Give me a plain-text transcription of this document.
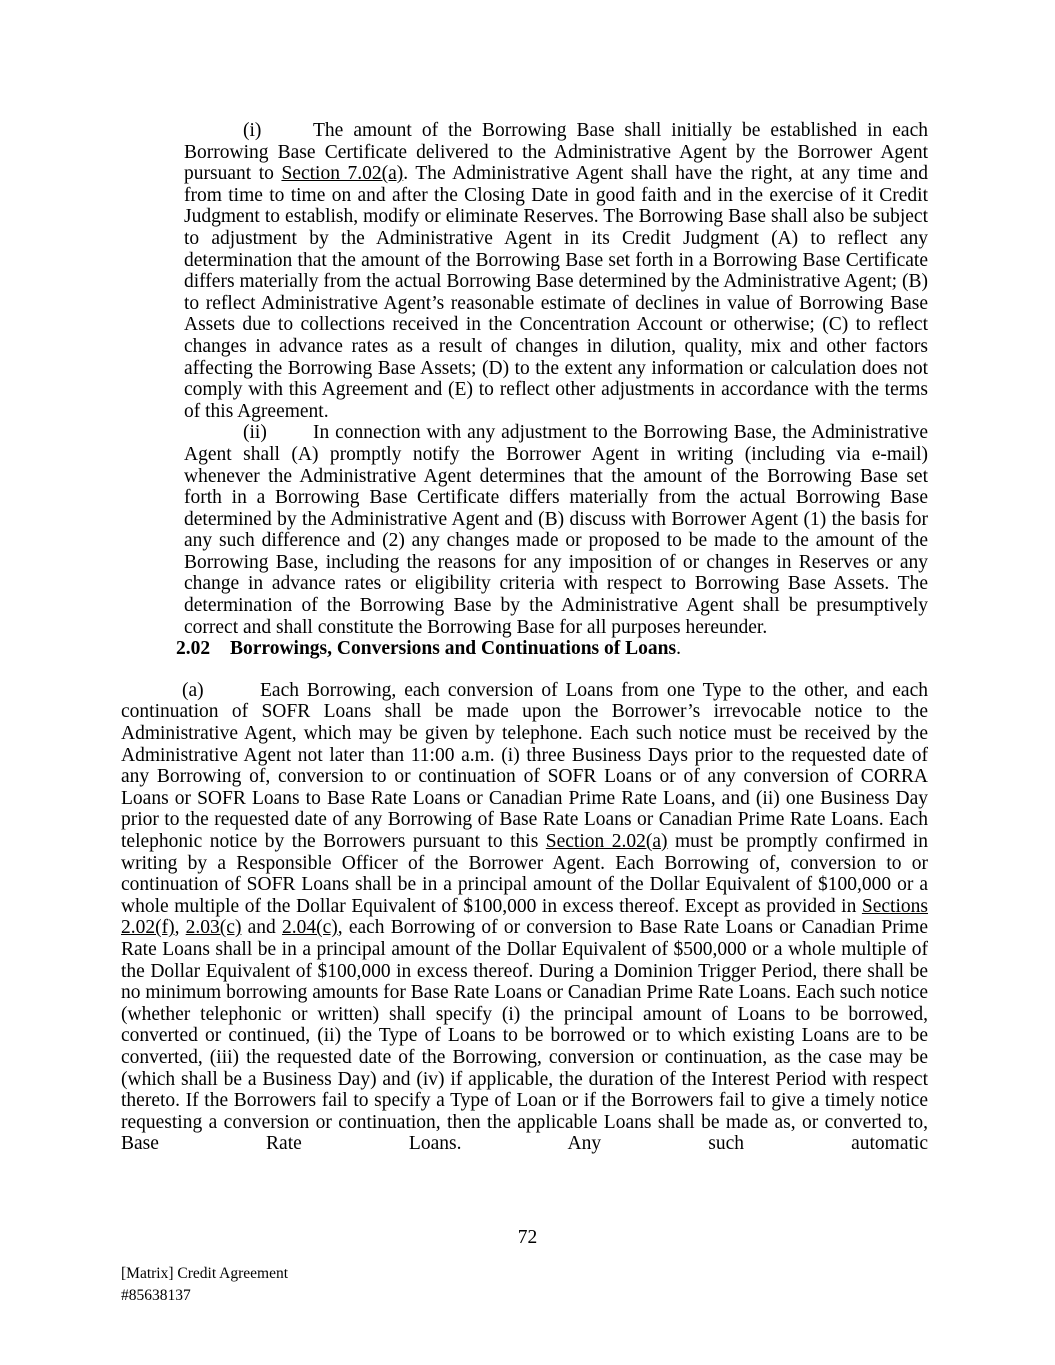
(i)	The amount of the Borrowing Base shall initially be established in each Borrowing Base Certificate delivered to the Administrative Agent by the Borrower Agent pursuant to Section 7.02(a). The Administrative Agent shall have the right, at any time and from time to time on and after the Closing Date in good faith and in the exercise of it Credit Judgment to establish, modify or eliminate Reserves. The Borrowing Base shall also be subject to adjustment by the Administrative Agent in its Credit Judgment (A) to reflect any determination that the amount of the Borrowing Base set forth in a Borrowing Base Certificate differs materially from the actual Borrowing Base determined by the Administrative Agent; (B) to reflect Administrative Agent’s reasonable estimate of declines in value of Borrowing Base Assets due to collections received in the Concentration Account or otherwise; (C) to reflect changes in advance rates as a result of changes in dilution, quality, mix and other factors affecting the Borrowing Base Assets; (D) to the extent any information or calculation does not comply with this Agreement and (E) to reflect other adjustments in accordance with the terms of this Agreement.

(ii) In connection with any adjustment to the Borrowing Base, the Administrative Agent shall (A) promptly notify the Borrower Agent in writing (including via e-mail) whenever the Administrative Agent determines that the amount of the Borrowing Base set forth in a Borrowing Base Certificate differs materially from the actual Borrowing Base determined by the Administrative Agent and (B) discuss with Borrower Agent (1) the basis for any such difference and (2) any changes made or proposed to be made to the amount of the Borrowing Base, including the reasons for any imposition of or changes in Reserves or any change in advance rates or eligibility criteria with respect to Borrowing Base Assets. The determination of the Borrowing Base by the Administrative Agent shall be presumptively correct and shall constitute the Borrowing Base for all purposes hereunder.

2.02 Borrowings, Conversions and Continuations of Loans.

(a)	Each Borrowing, each conversion of Loans from one Type to the other, and each continuation of SOFR Loans shall be made upon the Borrower’s irrevocable notice to the Administrative Agent, which may be given by telephone. Each such notice must be received by the Administrative Agent not later than 11:00 a.m. (i) three Business Days prior to the requested date of any Borrowing of, conversion to or continuation of SOFR Loans or of any conversion of CORRA Loans or SOFR Loans to Base Rate Loans or Canadian Prime Rate Loans, and (ii) one Business Day prior to the requested date of any Borrowing of Base Rate Loans or Canadian Prime Rate Loans. Each telephonic notice by the Borrowers pursuant to this Section 2.02(a) must be promptly confirmed in writing by a Responsible Officer of the Borrower Agent. Each Borrowing of, conversion to or continuation of SOFR Loans shall be in a principal amount of the Dollar Equivalent of $100,000 or a whole multiple of the Dollar Equivalent of $100,000 in excess thereof. Except as provided in Sections 2.02(f), 2.03(c) and 2.04(c), each Borrowing of or conversion to Base Rate Loans or Canadian Prime Rate Loans shall be in a principal amount of the Dollar Equivalent of $500,000 or a whole multiple of the Dollar Equivalent of $100,000 in excess thereof. During a Dominion Trigger Period, there shall be no minimum borrowing amounts for Base Rate Loans or Canadian Prime Rate Loans. Each such notice (whether telephonic or written) shall specify (i) the principal amount of Loans to be borrowed, converted or continued, (ii) the Type of Loans to be borrowed or to which existing Loans are to be converted, (iii) the requested date of the Borrowing, conversion or continuation, as the case may be (which shall be a Business Day) and (iv) if applicable, the duration of the Interest Period with respect thereto. If the Borrowers fail to specify a Type of Loan or if the Borrowers fail to give a timely notice requesting a conversion or continuation, then the applicable Loans shall be made as, or converted to, Base Rate Loans. Any such automatic

72
[Matrix] Credit Agreement
#85638137
